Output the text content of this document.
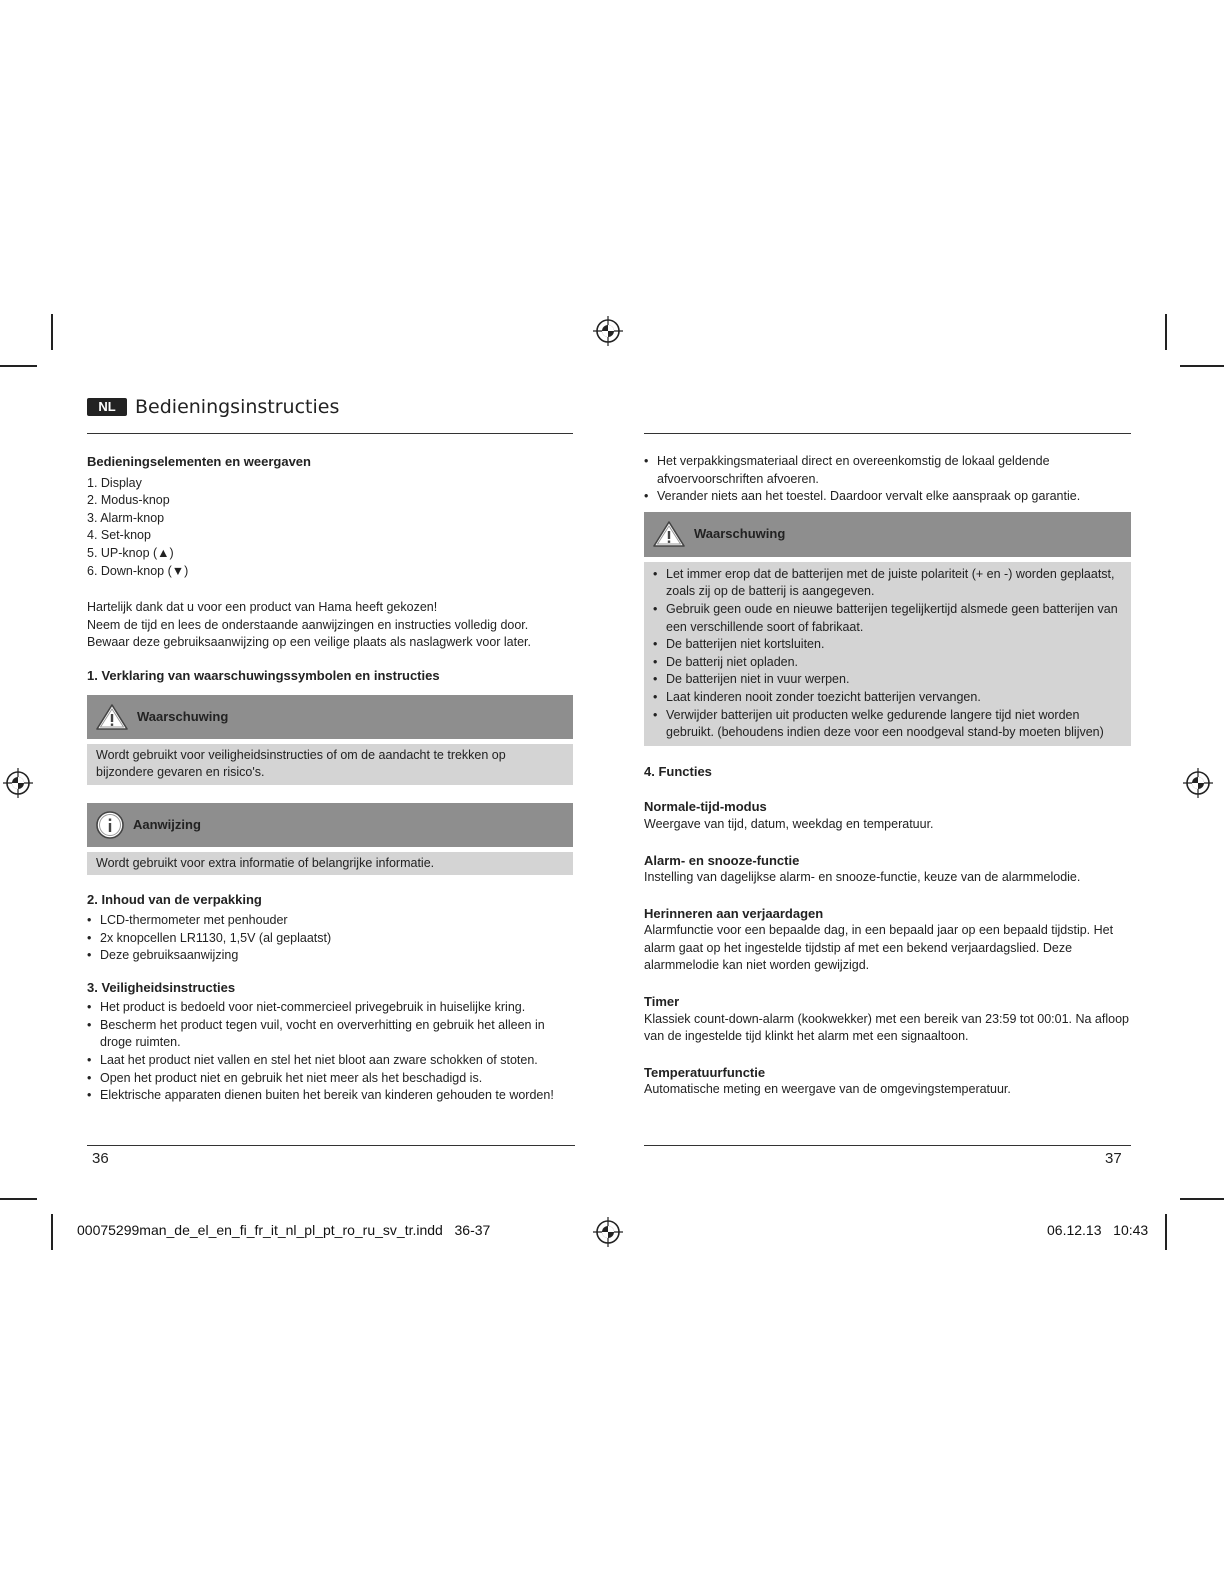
NL	Bedieningsinstructies

Bedieningselementen en weergaven

1. Display
2. Modus-knop
3. Alarm-knop
4. Set-knop
5. UP-knop (▲)
6. Down-knop (▼)

Hartelijk dank dat u voor een product van Hama heeft gekozen!

Neem de tijd en lees de onderstaande aanwijzingen en instructies volledig door. Bewaar deze gebruiksaanwijzing op een veilige plaats als naslagwerk voor later.

1. Verklaring van waarschuwingssymbolen en instructies

Waarschuwing

Wordt gebruikt voor veiligheidsinstructies of om de aandacht te trekken op bijzondere gevaren en risico's.

Aanwijzing

Wordt gebruikt voor extra informatie of belangrijke informatie.

2. Inhoud van de verpakking

• LCD-thermometer met penhouder
• 2x knopcellen LR1130, 1,5V (al geplaatst)
• Deze gebruiksaanwijzing

3. Veiligheidsinstructies

• Het product is bedoeld voor niet-commercieel privegebruik in huiselijke kring.
• Bescherm het product tegen vuil, vocht en oververhitting en gebruik het alleen in droge ruimten.
• Laat het product niet vallen en stel het niet bloot aan zware schokken of stoten.
• Open het product niet en gebruik het niet meer als het beschadigd is.
• Elektrische apparaten dienen buiten het bereik van kinderen gehouden te worden!
• Het verpakkingsmateriaal direct en overeenkomstig de lokaal geldende afvoervoorschriften afvoeren.
• Verander niets aan het toestel. Daardoor vervalt elke aanspraak op garantie.
Waarschuwing
• Let immer erop dat de batterijen met de juiste polariteit (+ en -) worden geplaatst, zoals zij op de batterij is aangegeven.
• Gebruik geen oude en nieuwe batterijen tegelijkertijd alsmede geen batterijen van een verschillende soort of fabrikaat.
• De batterijen niet kortsluiten.
• De batterij niet opladen.
• De batterijen niet in vuur werpen.
• Laat kinderen nooit zonder toezicht batterijen vervangen.
• Verwijder batterijen uit producten welke gedurende langere tijd niet worden gebruikt. (behoudens indien deze voor een noodgeval stand-by moeten blijven)

4. Functies

Normale-tijd-modus

Weergave van tijd, datum, weekdag en temperatuur.

Alarm- en snooze-functie

Instelling van dagelijkse alarm- en snooze-functie, keuze van de alarmmelodie.

Herinneren aan verjaardagen

Alarmfunctie voor een bepaalde dag, in een bepaald jaar op een bepaald tijdstip. Het alarm gaat op het ingestelde tijdstip af met een bekend verjaardagslied. Deze alarmmelodie kan niet worden gewijzigd.

Timer

Klassiek count-down-alarm (kookwekker) met een bereik van 23:59 tot 00:01. Na afloop van de ingestelde tijd klinkt het alarm met een signaaltoon.

Temperatuurfunctie

Automatische meting en weergave van de omgevingstemperatuur.

36	37
00075299man_de_el_en_fi_fr_it_nl_pl_pt_ro_ru_sv_tr.indd   36-37	06.12.13   10:43
